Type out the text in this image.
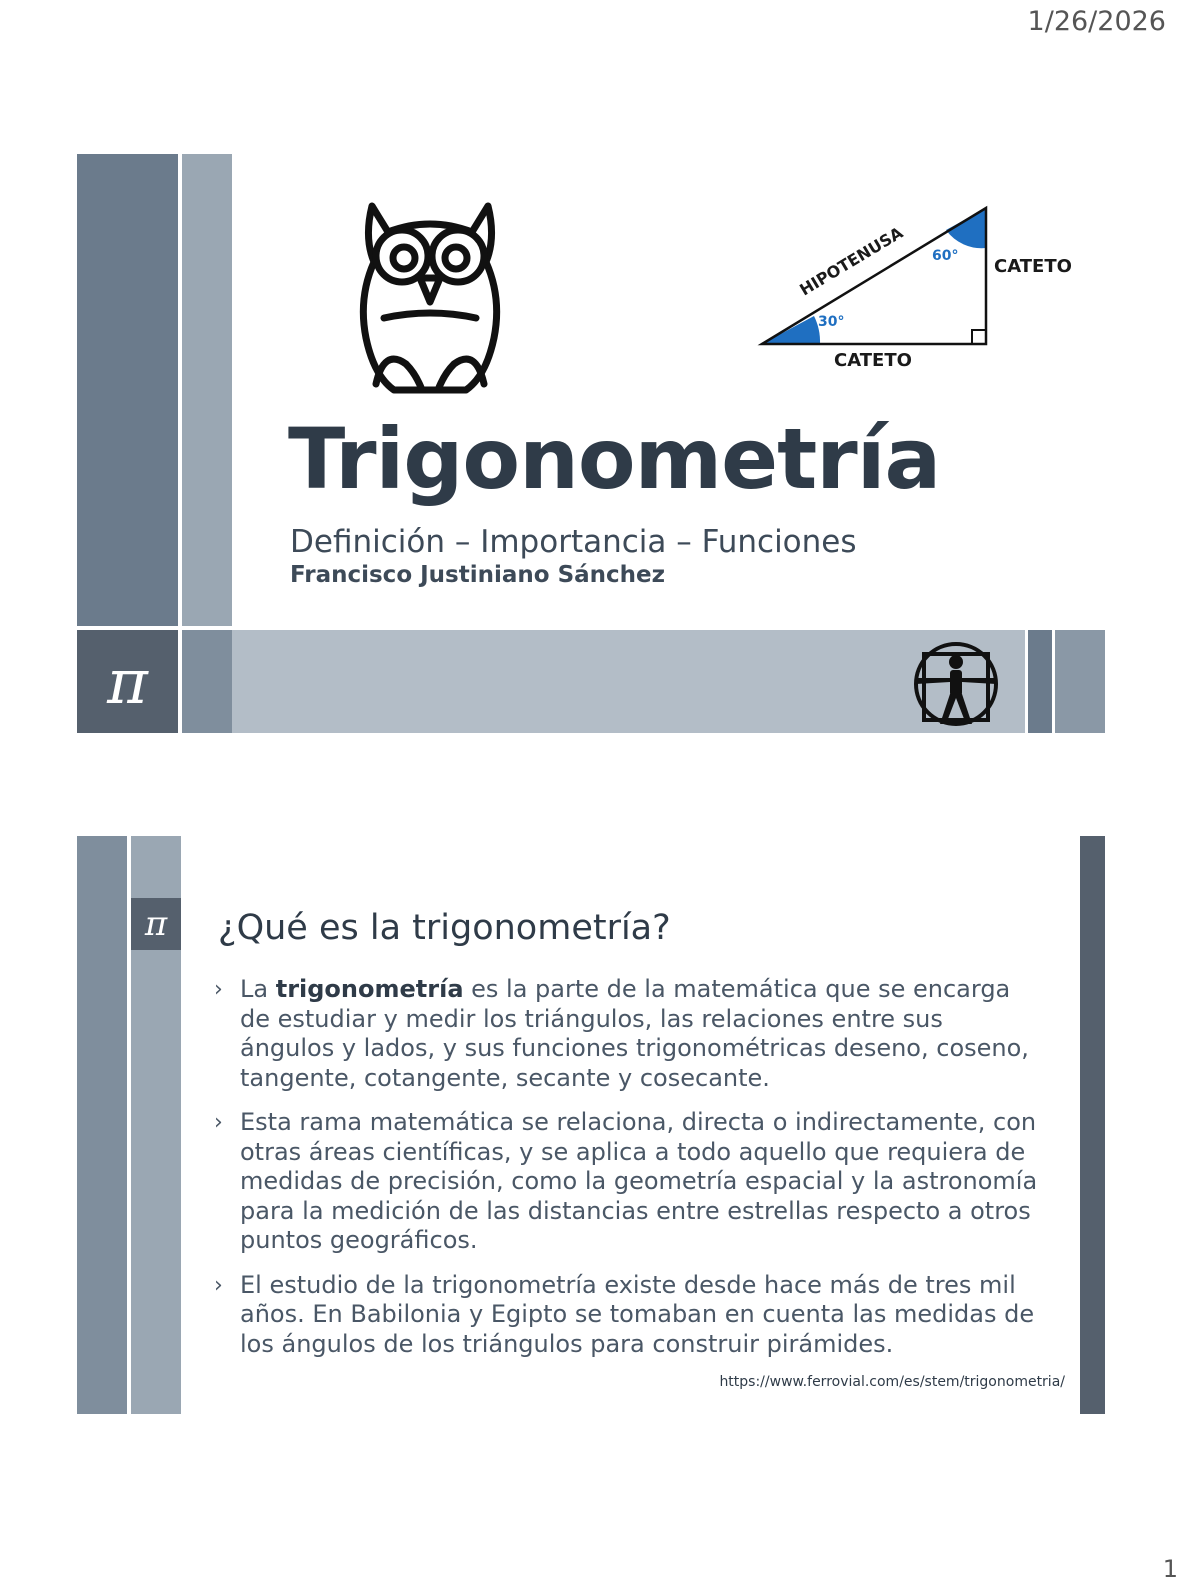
1/26/2026
π
HIPOTENUSA	CATETO
CATETO
60°
30°
Trigonometría
Definición – Importancia – Funciones
Francisco Justiniano Sánchez
π	¿Qué es la trigonometría?
› La trigonometría es la parte de la matemática que se encarga de estudiar y medir los triángulos, las relaciones entre sus ángulos y lados, y sus funciones trigonométricas deseno, coseno, tangente, cotangente, secante y cosecante.
› Esta rama matemática se relaciona, directa o indirectamente, con otras áreas científicas, y se aplica a todo aquello que requiera de medidas de precisión, como la geometría espacial y la astronomía para la medición de las distancias entre estrellas respecto a otros puntos geográficos.
› El estudio de la trigonometría existe desde hace más de tres mil años. En Babilonia y Egipto se tomaban en cuenta las medidas de los ángulos de los triángulos para construir pirámides.
https://www.ferrovial.com/es/stem/trigonometria/
1
